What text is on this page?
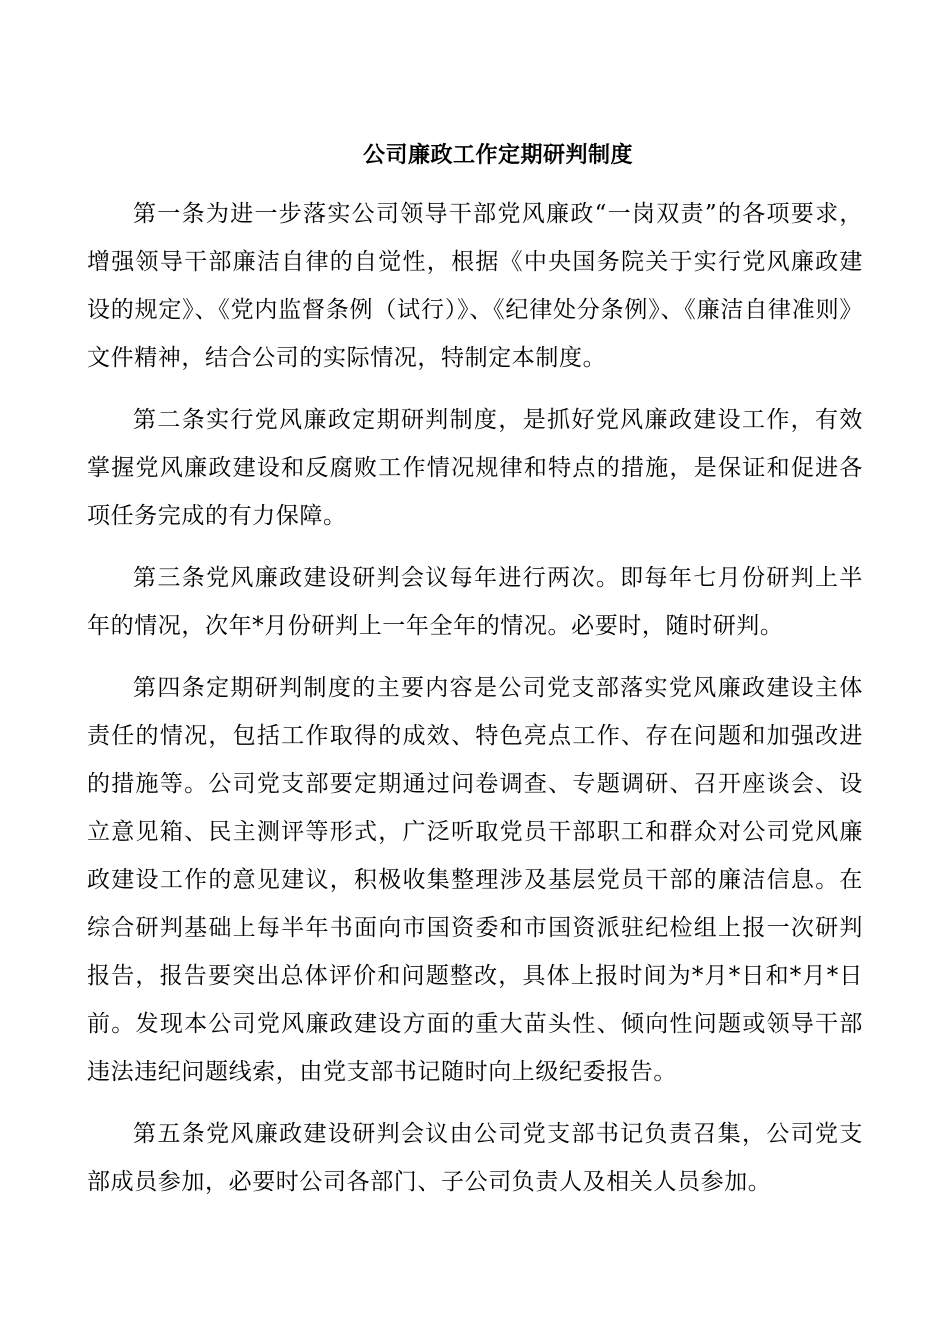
公司廉政工作定期研判制度

第一条为进一步落实公司领导干部党风廉政“一岗双责”的各项要求，增强领导干部廉洁自律的自觉性，根据《中央国务院关于实行党风廉政建设的规定》、《党内监督条例（试行）》、《纪律处分条例》、《廉洁自律准则》文件精神，结合公司的实际情况，特制定本制度。

第二条实行党风廉政定期研判制度，是抓好党风廉政建设工作，有效掌握党风廉政建设和反腐败工作情况规律和特点的措施，是保证和促进各项任务完成的有力保障。

第三条党风廉政建设研判会议每年进行两次。即每年七月份研判上半年的情况，次年*月份研判上一年全年的情况。必要时，随时研判。

第四条定期研判制度的主要内容是公司党支部落实党风廉政建设主体责任的情况，包括工作取得的成效、特色亮点工作、存在问题和加强改进的措施等。公司党支部要定期通过问卷调查、专题调研、召开座谈会、设立意见箱、民主测评等形式，广泛听取党员干部职工和群众对公司党风廉政建设工作的意见建议，积极收集整理涉及基层党员干部的廉洁信息。在综合研判基础上每半年书面向市国资委和市国资派驻纪检组上报一次研判报告，报告要突出总体评价和问题整改，具体上报时间为*月*日和*月*日前。发现本公司党风廉政建设方面的重大苗头性、倾向性问题或领导干部违法违纪问题线索，由党支部书记随时向上级纪委报告。

第五条党风廉政建设研判会议由公司党支部书记负责召集，公司党支部成员参加，必要时公司各部门、子公司负责人及相关人员参加。
